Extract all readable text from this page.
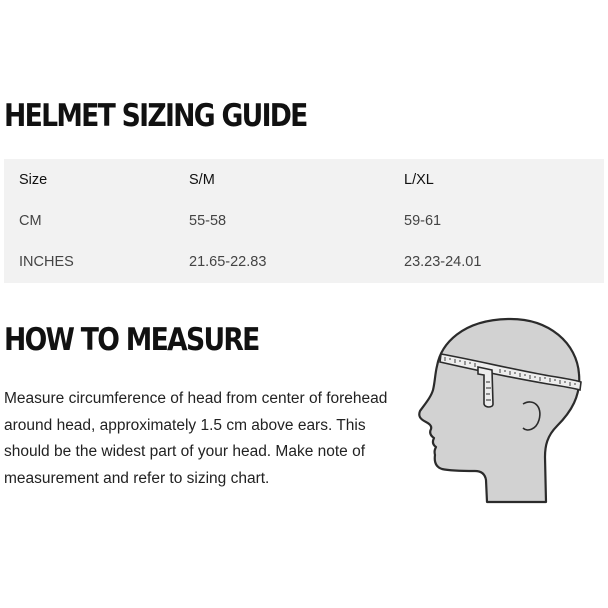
HELMET SIZING GUIDE
Size	S/M	L/XL
CM	55-58	59-61
INCHES	21.65-22.83	23.23-24.01
HOW TO MEASURE

Measure circumference of head from center of forehead around head, approximately 1.5 cm above ears. This should be the widest part of your head. Make note of measurement and refer to sizing chart.
